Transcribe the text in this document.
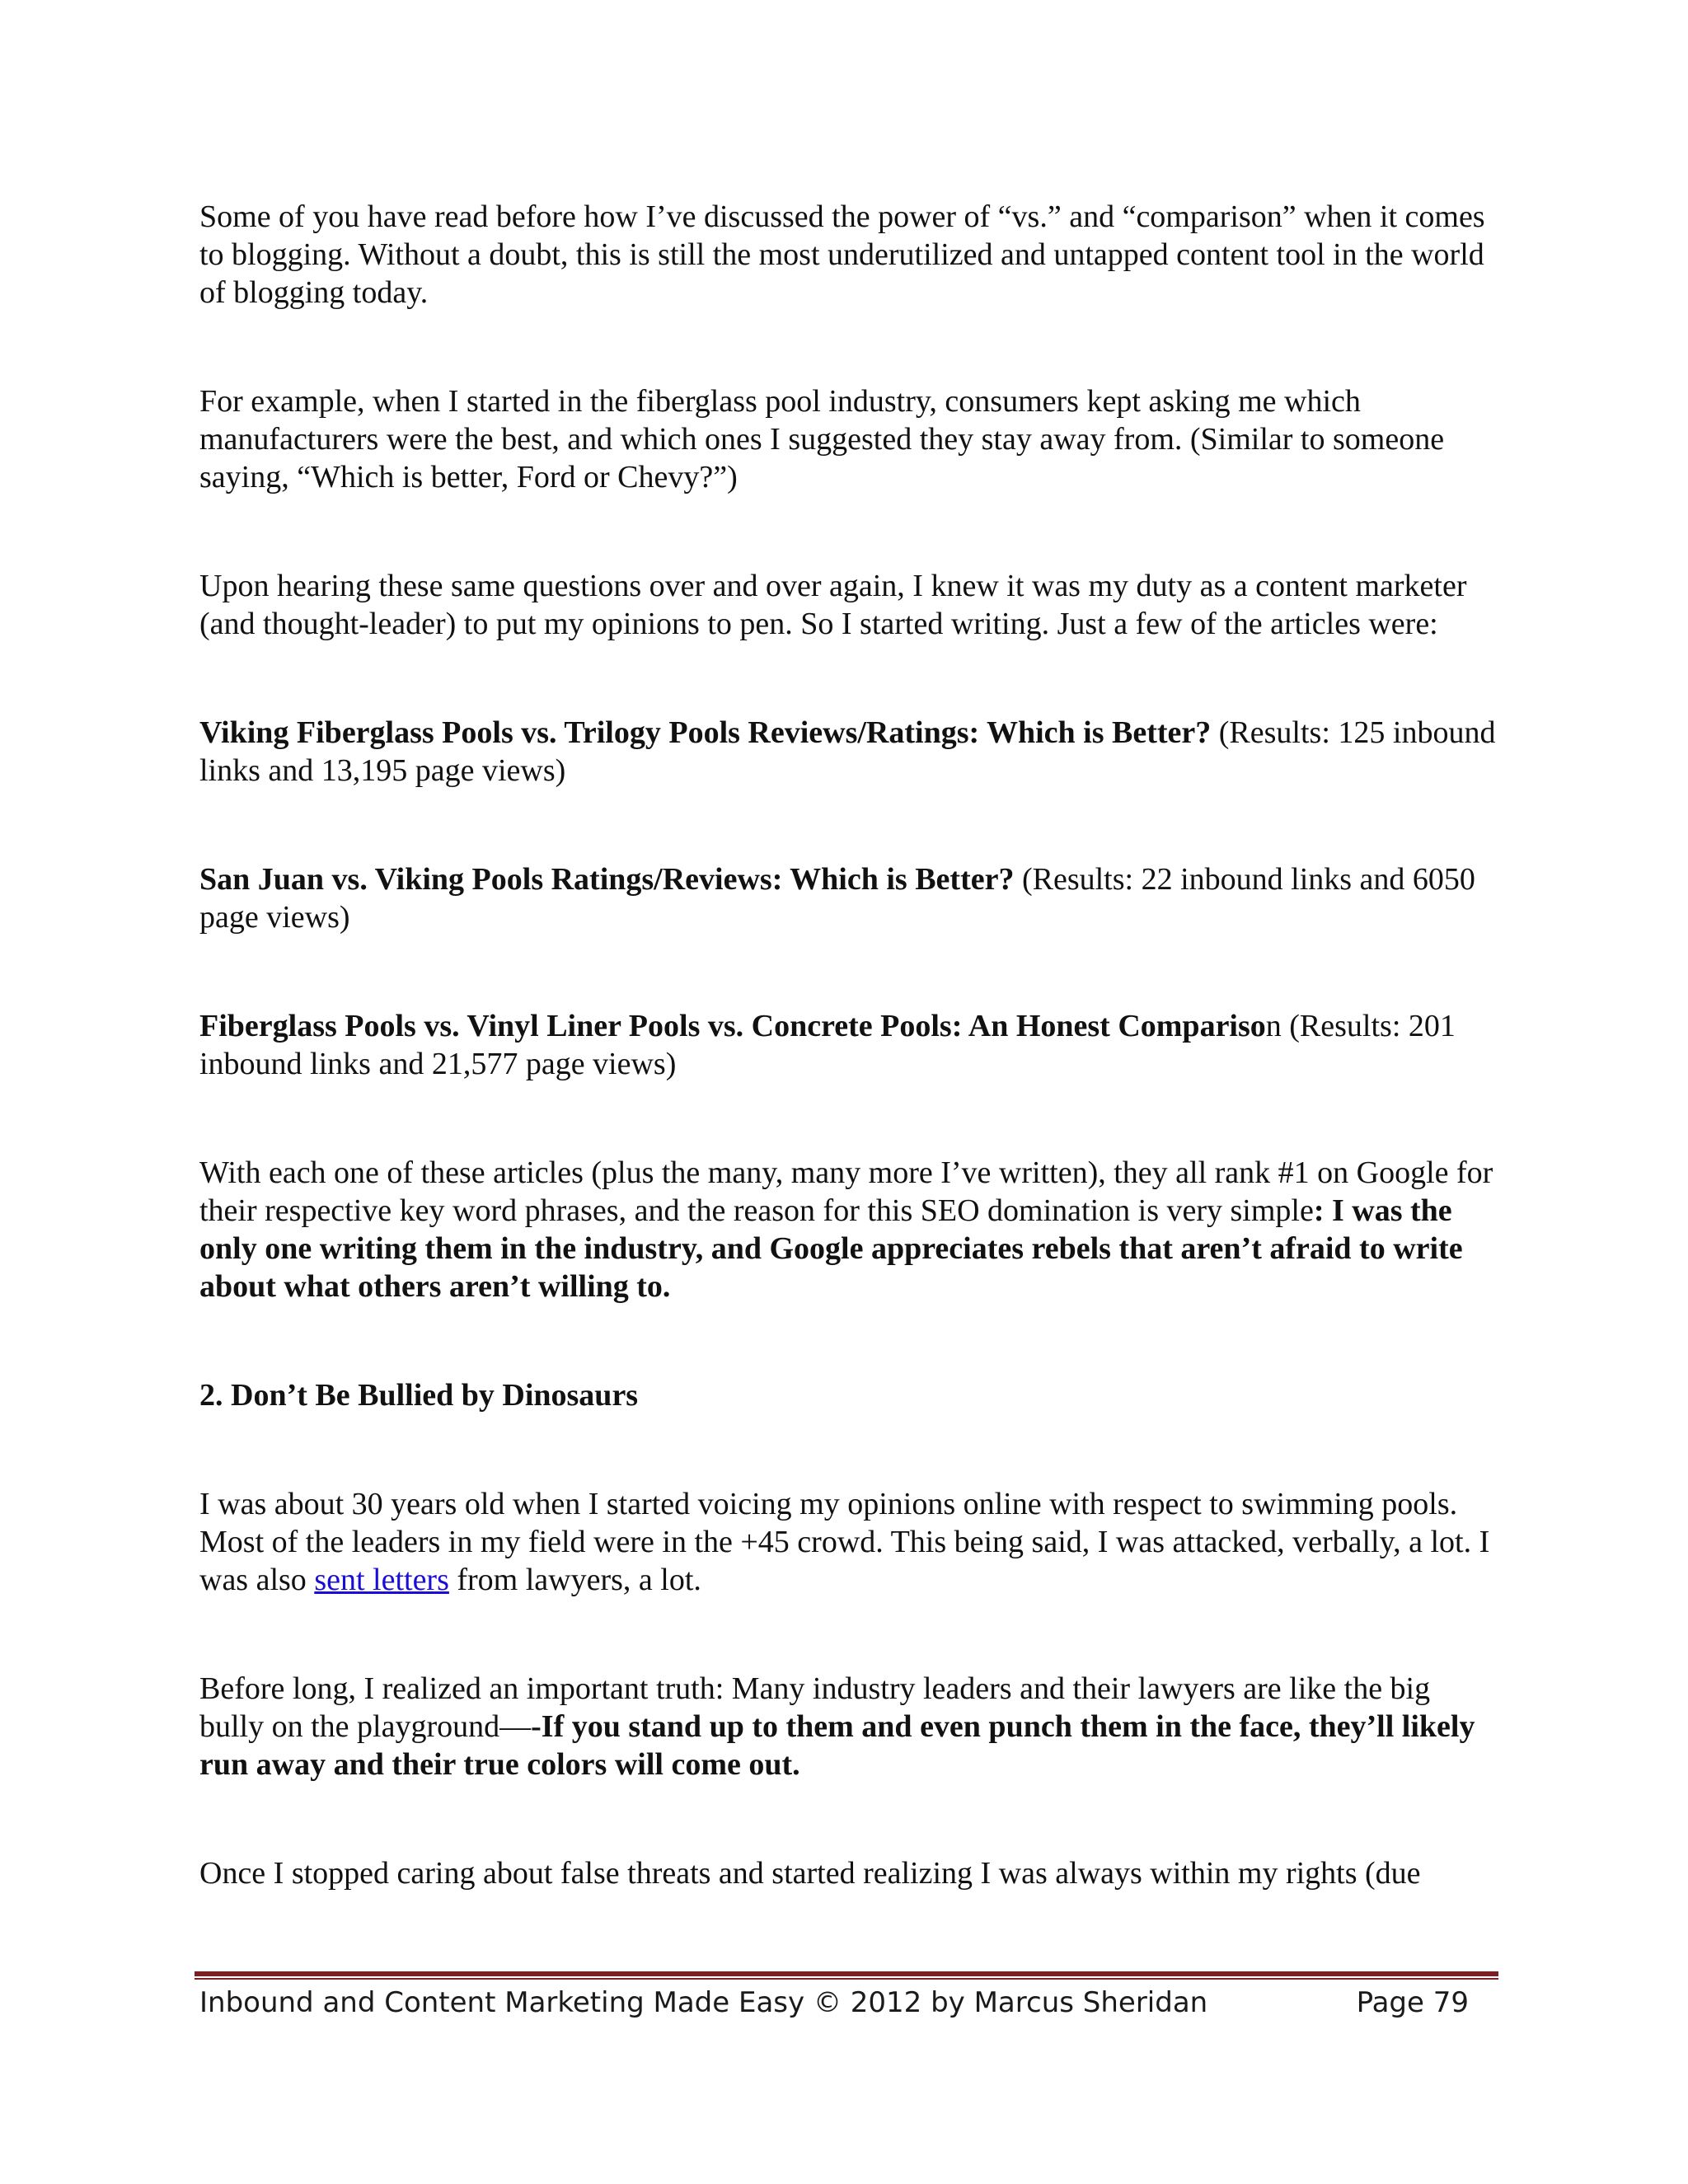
Some of you have read before how I’ve discussed the power of “vs.” and “comparison” when it comes to blogging. Without a doubt, this is still the most underutilized and untapped content tool in the world of blogging today.

For example, when I started in the fiberglass pool industry, consumers kept asking me which manufacturers were the best, and which ones I suggested they stay away from. (Similar to someone saying, “Which is better, Ford or Chevy?”)

Upon hearing these same questions over and over again, I knew it was my duty as a content marketer (and thought-leader) to put my opinions to pen. So I started writing. Just a few of the articles were:

Viking Fiberglass Pools vs. Trilogy Pools Reviews/Ratings: Which is Better? (Results: 125 inbound links and 13,195 page views)

San Juan vs. Viking Pools Ratings/Reviews: Which is Better? (Results: 22 inbound links and 6050 page views)

Fiberglass Pools vs. Vinyl Liner Pools vs. Concrete Pools: An Honest Comparison (Results: 201 inbound links and 21,577 page views)

With each one of these articles (plus the many, many more I’ve written), they all rank #1 on Google for their respective key word phrases, and the reason for this SEO domination is very simple: I was the only one writing them in the industry, and Google appreciates rebels that aren’t afraid to write about what others aren’t willing to.

2. Don’t Be Bullied by Dinosaurs

I was about 30 years old when I started voicing my opinions online with respect to swimming pools. Most of the leaders in my field were in the +45 crowd. This being said, I was attacked, verbally, a lot. I was also sent letters from lawyers, a lot.

Before long, I realized an important truth: Many industry leaders and their lawyers are like the big bully on the playground—-If you stand up to them and even punch them in the face, they’ll likely run away and their true colors will come out.

Once I stopped caring about false threats and started realizing I was always within my rights (due

Inbound and Content Marketing Made Easy © 2012 by Marcus Sheridan	Page 79
